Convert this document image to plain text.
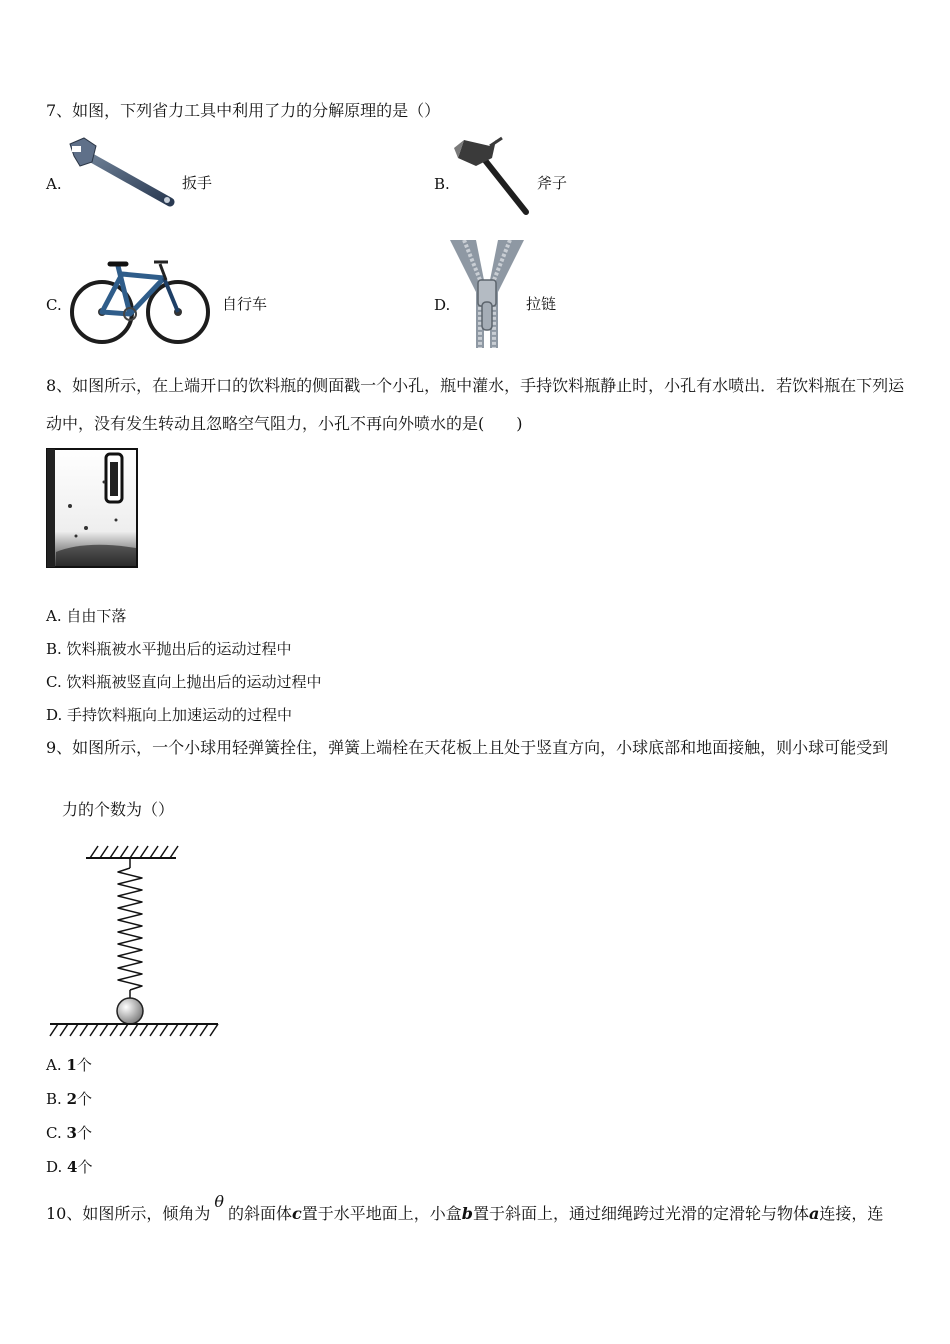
7、如图，下列省力工具中利用了力的分解原理的是（）
A.	扳手	B.	斧子
C.	自行车	D.	拉链
8、如图所示，在上端开口的饮料瓶的侧面戳一个小孔，瓶中灌水，手持饮料瓶静止时，小孔有水喷出．若饮料瓶在下列运
动中，没有发生转动且忽略空气阻力，小孔不再向外喷水的是(　　)
A. 自由下落
B. 饮料瓶被水平抛出后的运动过程中
C. 饮料瓶被竖直向上抛出后的运动过程中
D. 手持饮料瓶向上加速运动的过程中
9、如图所示，一个小球用轻弹簧拴住，弹簧上端栓在天花板上且处于竖直方向，小球底部和地面接触，则小球可能受到
力的个数为（）
A. 1个
B. 2个
C. 3个
D. 4个
10、如图所示，倾角为θ的斜面体c置于水平地面上，小盒b置于斜面上，通过细绳跨过光滑的定滑轮与物体a连接，连
